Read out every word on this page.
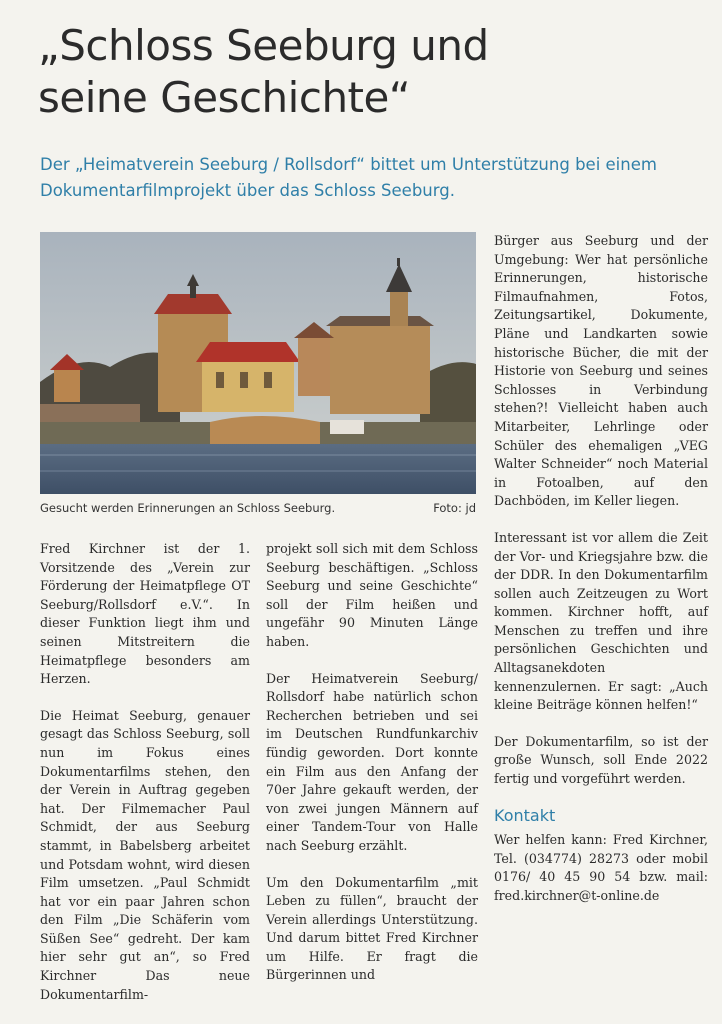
„Schloss Seeburg und
seine Geschichte“

Der „Heimatverein Seeburg / Rollsdorf“ bittet um Unterstützung bei einem
Dokumentarfilmprojekt über das Schloss Seeburg.

Gesucht werden Erinnerungen an Schloss Seeburg.	Foto: jd

Fred Kirchner ist der 1. Vorsitzende des „Verein zur Förderung der Heimatpflege OT Seeburg/Rollsdorf e.V.“. In dieser Funktion liegt ihm und seinen Mitstreitern die Heimatpflege besonders am Herzen.

Die Heimat Seeburg, genauer gesagt das Schloss Seeburg, soll nun im Fokus eines Dokumentarfilms stehen, den der Verein in Auftrag gegeben hat. Der Filmemacher Paul Schmidt, der aus Seeburg stammt, in Babelsberg arbeitet und Potsdam wohnt, wird diesen Film umsetzen. „Paul Schmidt hat vor ein paar Jahren schon den Film „Die Schäferin vom Süßen See“ gedreht. Der kam hier sehr gut an“, so Fred Kirchner Das neue Dokumentarfilm-

projekt soll sich mit dem Schloss Seeburg beschäftigen. „Schloss Seeburg und seine Geschichte“ soll der Film heißen und ungefähr 90 Minuten Länge haben.

Der Heimatverein Seeburg/ Rollsdorf habe natürlich schon Recherchen betrieben und sei im Deutschen Rundfunkarchiv fündig geworden. Dort konnte ein Film aus den Anfang der 70er Jahre gekauft werden, der von zwei jungen Männern auf einer Tandem-Tour von Halle nach Seeburg erzählt.

Um den Dokumentarfilm „mit Leben zu füllen“, braucht der Verein allerdings Unterstützung. Und darum bittet Fred Kirchner um Hilfe. Er fragt die Bürgerinnen und

Bürger aus Seeburg und der Umgebung: Wer hat persönliche Erinnerungen, historische Filmaufnahmen, Fotos, Zeitungsartikel, Dokumente, Pläne und Landkarten sowie historische Bücher, die mit der Historie von Seeburg und seines Schlosses in Verbindung stehen?! Vielleicht haben auch Mitarbeiter, Lehrlinge oder Schüler des ehemaligen „VEG Walter Schneider“ noch Material in Fotoalben, auf den Dachböden, im Keller liegen.

Interessant ist vor allem die Zeit der Vor- und Kriegsjahre bzw. die der DDR. In den Dokumentarfilm sollen auch Zeitzeugen zu Wort kommen. Kirchner hofft, auf Menschen zu treffen und ihre persönlichen Geschichten und Alltagsanekdoten kennenzulernen. Er sagt: „Auch kleine Beiträge können helfen!“

Der Dokumentarfilm, so ist der große Wunsch, soll Ende 2022 fertig und vorgeführt werden.

Kontakt

Wer helfen kann: Fred Kirchner, Tel. (034774) 28273 oder mobil 0176/ 40 45 90 54 bzw. mail: fred.kirchner@t-online.de
